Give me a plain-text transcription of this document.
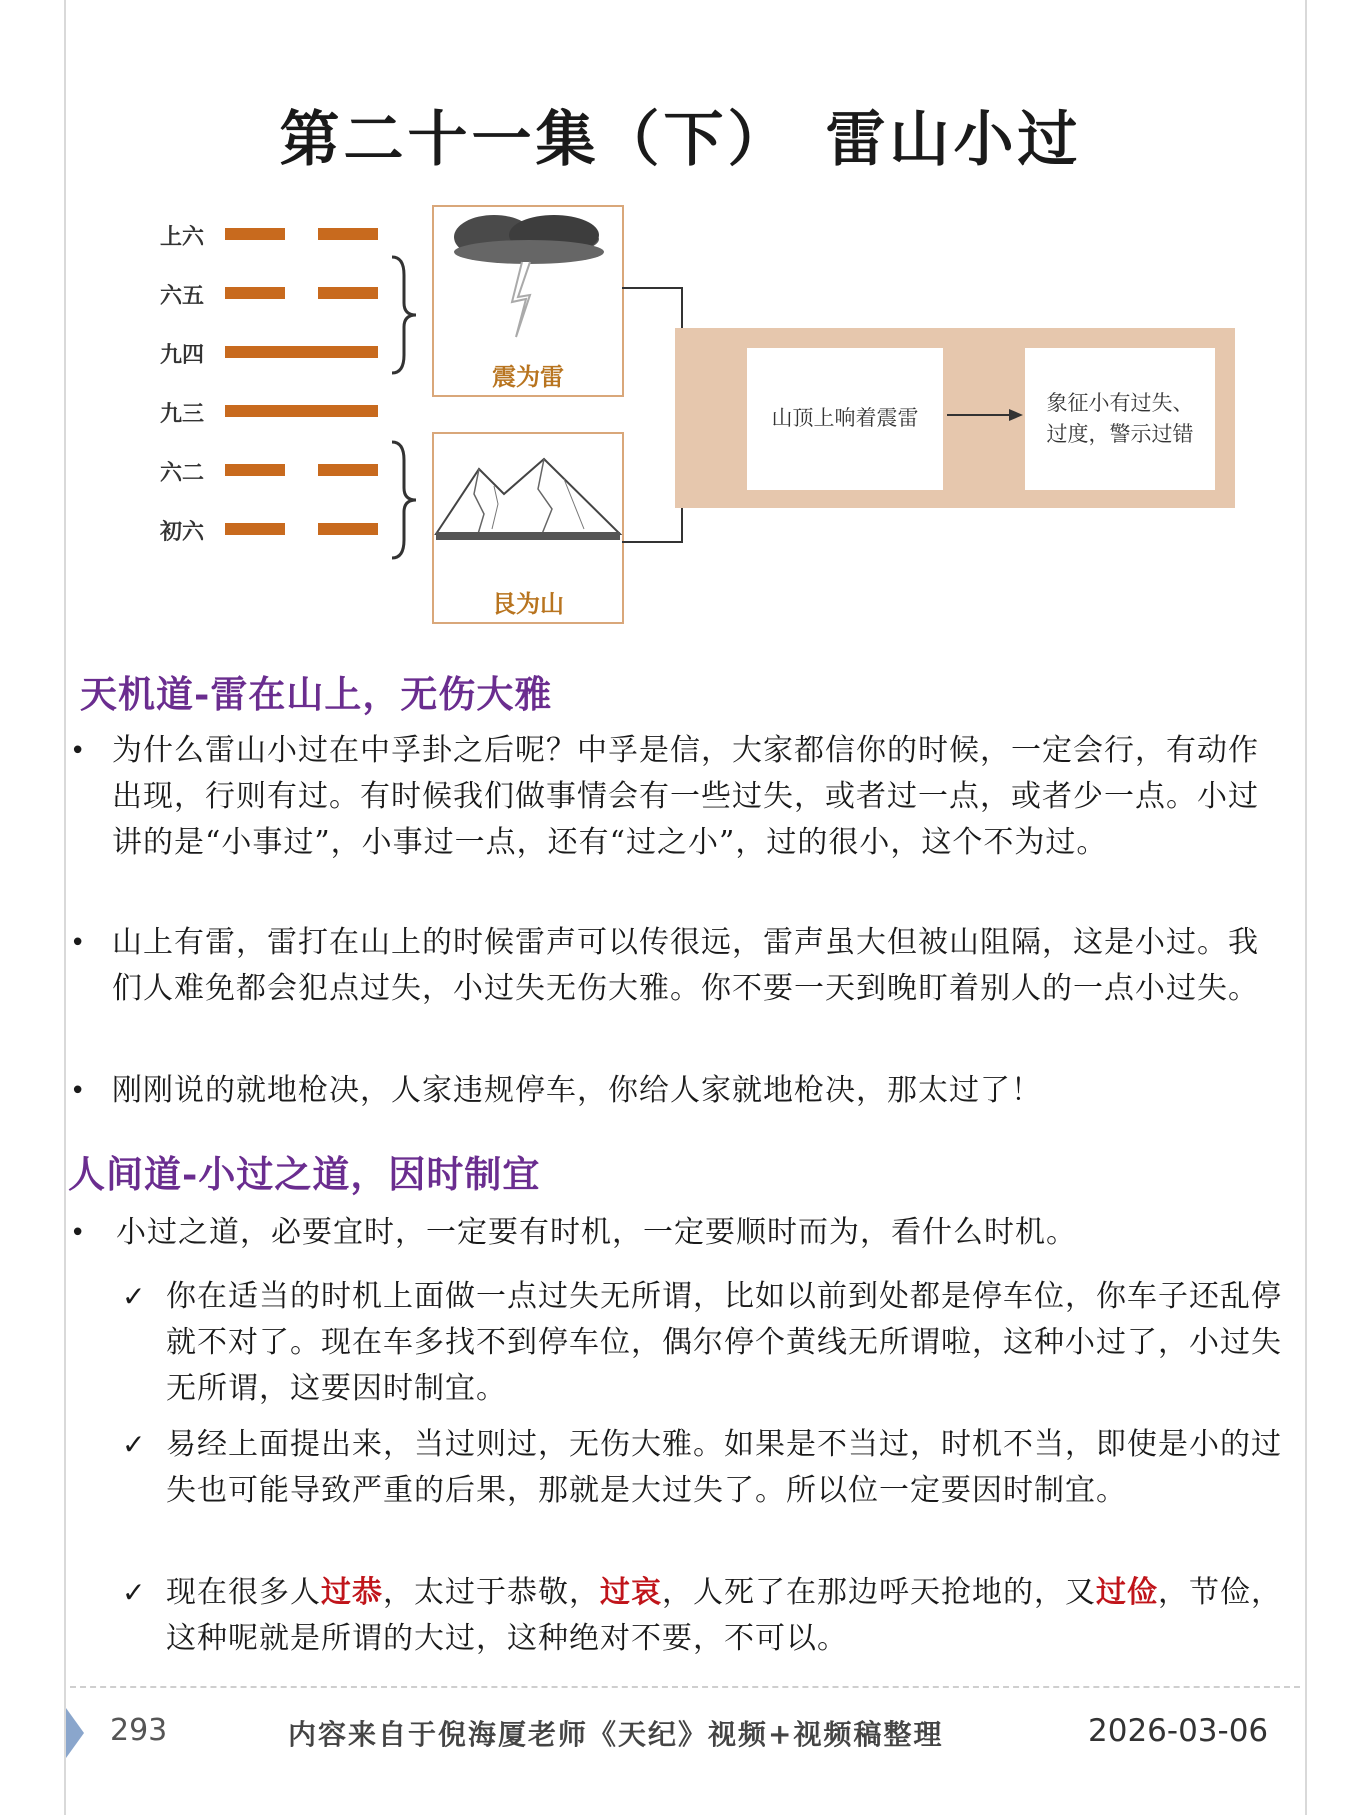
第二十一集（下）　雷山小过
上六
六五
九四
九三
六二
初六
震为雷
艮为山
山顶上响着震雷
象征小有过失、
过度，警示过错
天机道-雷在山上，无伤大雅
• 为什么雷山小过在中孚卦之后呢？中孚是信，大家都信你的时候，一定会行，有动作出现，行则有过。有时候我们做事情会有一些过失，或者过一点，或者少一点。小过讲的是“小事过”，小事过一点，还有“过之小”，过的很小，这个不为过。
• 山上有雷，雷打在山上的时候雷声可以传很远，雷声虽大但被山阻隔，这是小过。我们人难免都会犯点过失，小过失无伤大雅。你不要一天到晚盯着别人的一点小过失。
• 刚刚说的就地枪决，人家违规停车，你给人家就地枪决，那太过了！
人间道-小过之道，因时制宜
• 小过之道，必要宜时，一定要有时机，一定要顺时而为，看什么时机。
✓ 你在适当的时机上面做一点过失无所谓，比如以前到处都是停车位，你车子还乱停就不对了。现在车多找不到停车位，偶尔停个黄线无所谓啦，这种小过了，小过失无所谓，这要因时制宜。
✓ 易经上面提出来，当过则过，无伤大雅。如果是不当过，时机不当，即使是小的过失也可能导致严重的后果，那就是大过失了。所以位一定要因时制宜。
✓ 现在很多人过恭，太过于恭敬，过哀，人死了在那边呼天抢地的，又过俭，节俭，这种呢就是所谓的大过，这种绝对不要，不可以。
293	内容来自于倪海厦老师《天纪》视频+视频稿整理	2026-03-06
